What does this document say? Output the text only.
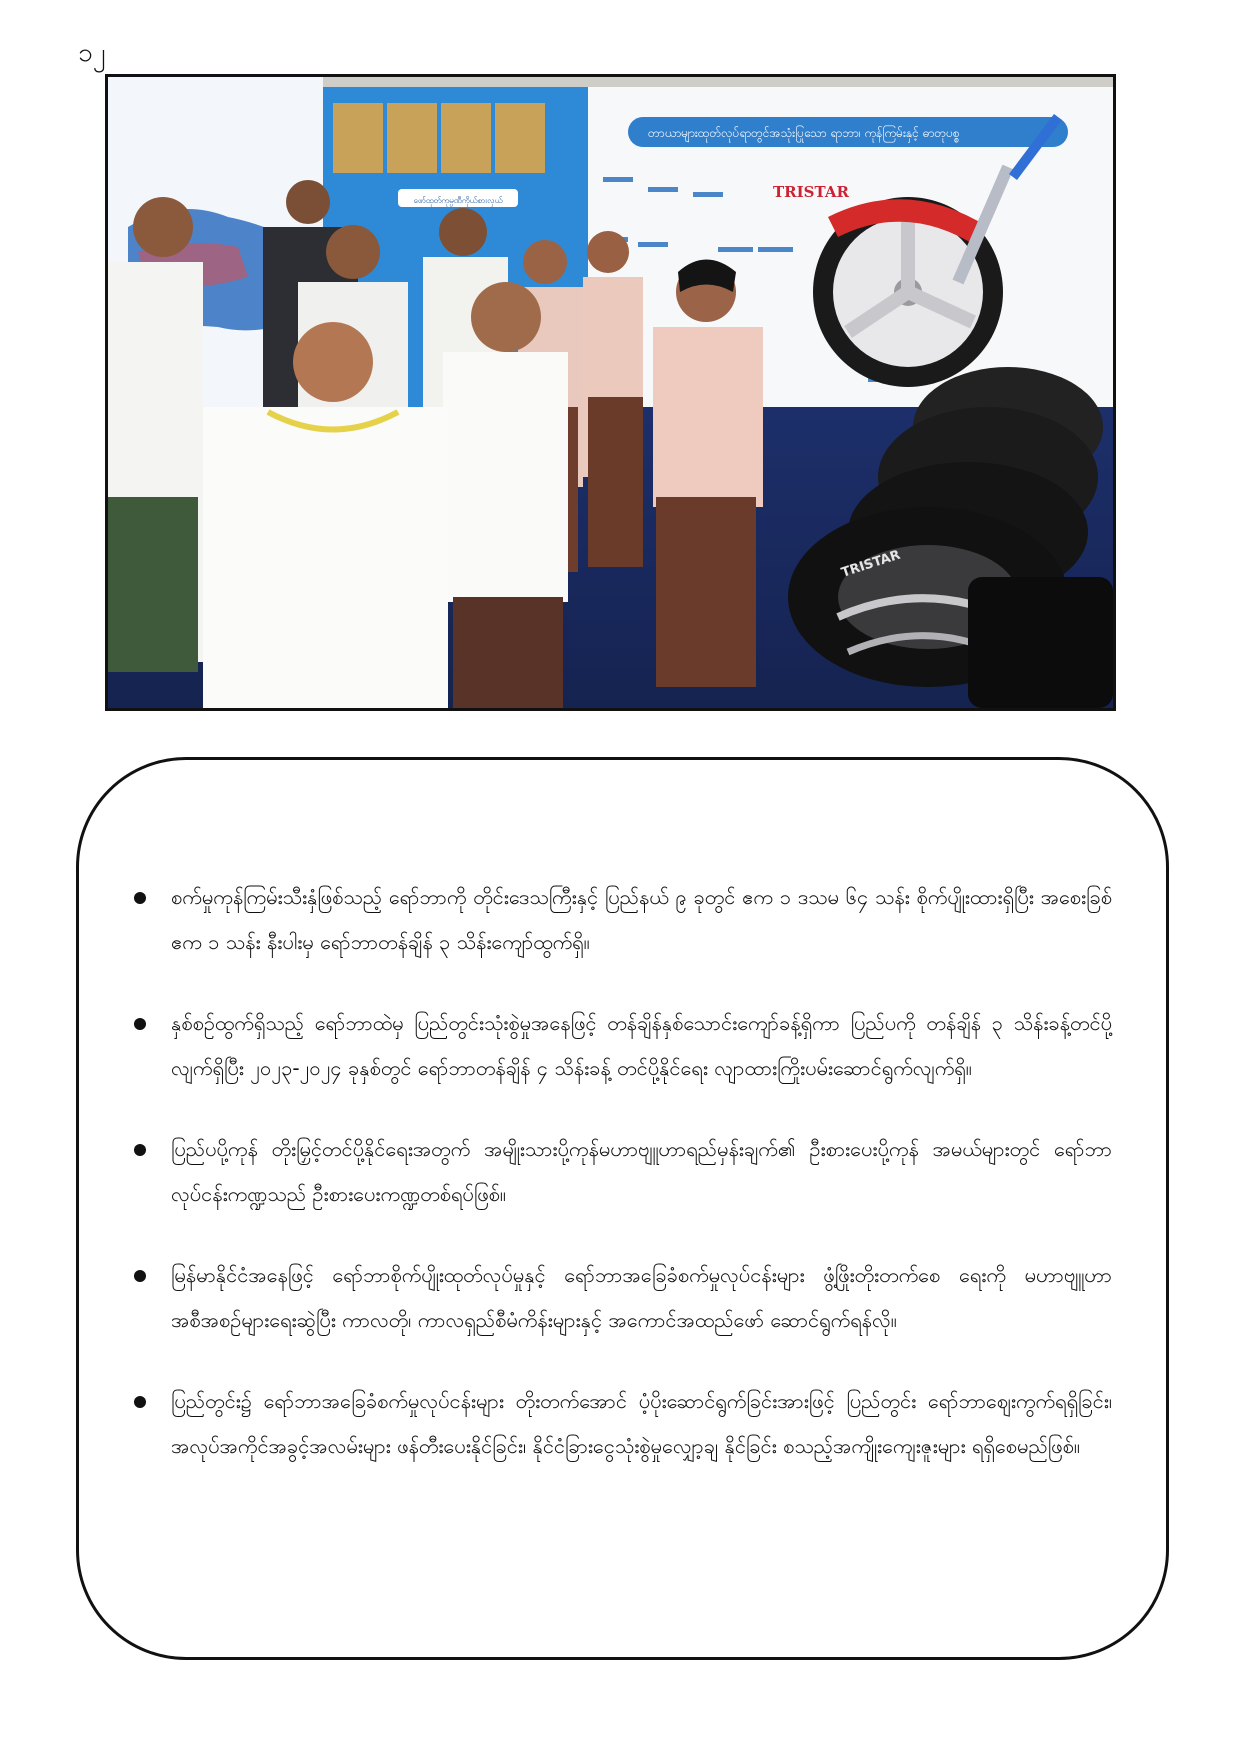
၁၂
ဖော်ထုတ်ကုမ္ပဏီကိုယ်စားလှယ်
တာယာများထုတ်လုပ်ရာတွင်အသုံးပြုသော ရာဘာ၊ ကုန်ကြမ်းနှင့် ဓာတုပစ္စ
TRISTAR
TRISTAR
စက်မှုကုန်ကြမ်းသီးနှံဖြစ်သည့် ရော်ဘာကို တိုင်းဒေသကြီးနှင့် ပြည်နယ် ၉ ခုတွင် ဧက ၁ ဒသမ ၆၄ သန်း စိုက်ပျိုးထားရှိပြီး အစေးခြစ်ဧက ၁ သန်း နီးပါးမှ ရော်ဘာတန်ချိန် ၃ သိန်းကျော်ထွက်ရှိ။
နှစ်စဉ်ထွက်ရှိသည့် ရော်ဘာထဲမှ ပြည်တွင်းသုံးစွဲမှုအနေဖြင့် တန်ချိန်နှစ်သောင်းကျော်ခန့်ရှိကာ ပြည်ပကို တန်ချိန် ၃ သိန်းခန့်တင်ပို့လျက်ရှိပြီး ၂၀၂၃-၂၀၂၄ ခုနှစ်တွင် ရော်ဘာတန်ချိန် ၄ သိန်းခန့် တင်ပို့နိုင်ရေး လျာထားကြိုးပမ်းဆောင်ရွက်လျက်ရှိ။
ပြည်ပပို့ကုန် တိုးမြှင့်တင်ပို့နိုင်ရေးအတွက် အမျိုးသားပို့ကုန်မဟာဗျူဟာရည်မှန်းချက်၏ ဦးစားပေးပို့ကုန် အမယ်များတွင် ရော်ဘာလုပ်ငန်းကဏ္ဍသည် ဦးစားပေးကဏ္ဍတစ်ရပ်ဖြစ်။
မြန်မာနိုင်ငံအနေဖြင့် ရော်ဘာစိုက်ပျိုးထုတ်လုပ်မှုနှင့် ရော်ဘာအခြေခံစက်မှုလုပ်ငန်းများ ဖွံ့ဖြိုးတိုးတက်စေ ရေးကို မဟာဗျူဟာအစီအစဉ်များရေးဆွဲပြီး ကာလတို၊ ကာလရှည်စီမံကိန်းများနှင့် အကောင်အထည်ဖော် ဆောင်ရွက်ရန်လို။
ပြည်တွင်း၌ ရော်ဘာအခြေခံစက်မှုလုပ်ငန်းများ တိုးတက်အောင် ပံ့ပိုးဆောင်ရွက်ခြင်းအားဖြင့် ပြည်တွင်း ရော်ဘာဈေးကွက်ရရှိခြင်း၊ အလုပ်အကိုင်အခွင့်အလမ်းများ ဖန်တီးပေးနိုင်ခြင်း၊ နိုင်ငံခြားငွေသုံးစွဲမှုလျှော့ချ နိုင်ခြင်း စသည့်အကျိုးကျေးဇူးများ ရရှိစေမည်ဖြစ်။
